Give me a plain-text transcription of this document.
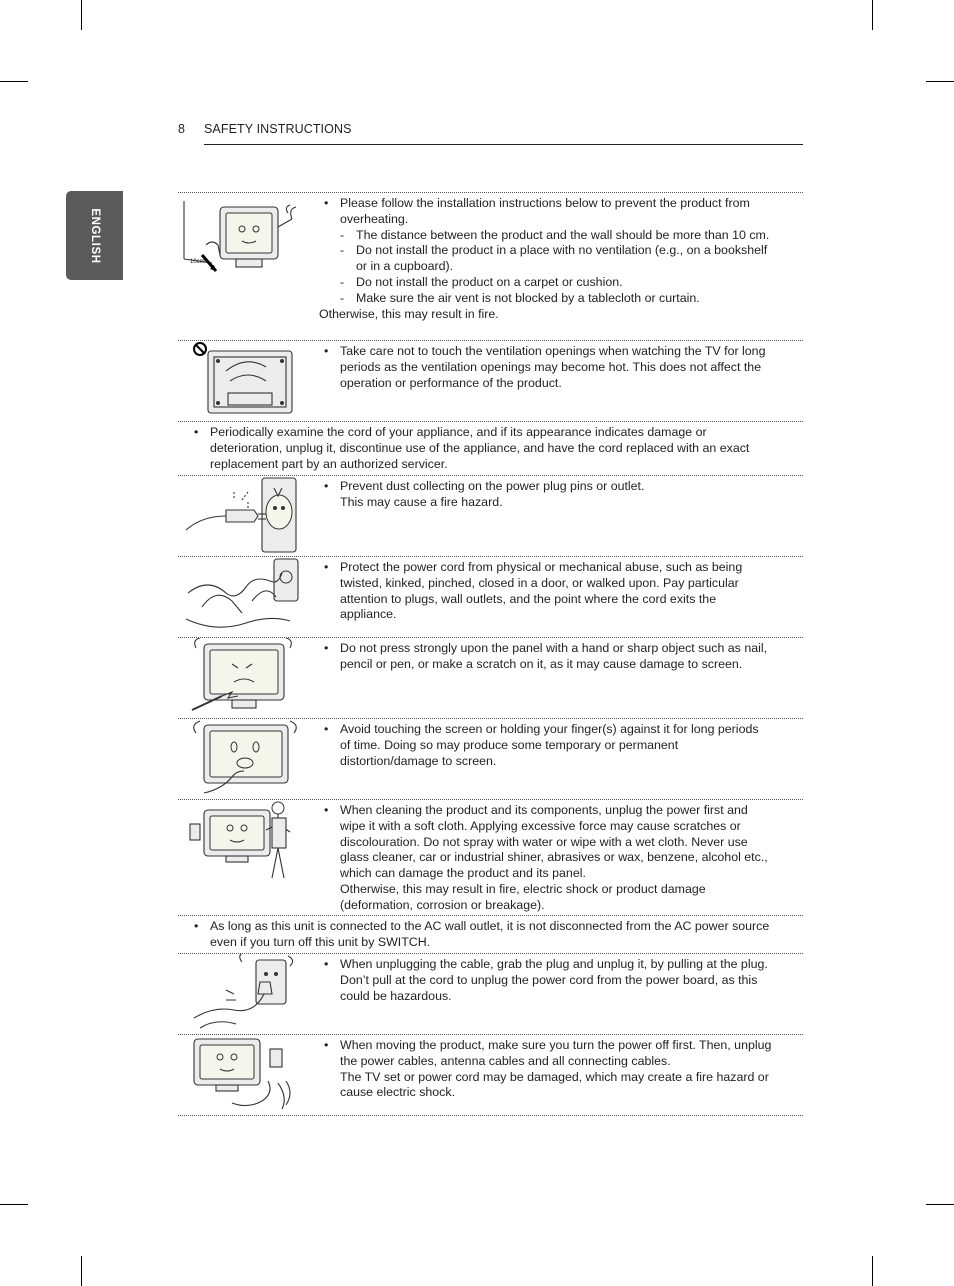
8 SAFETY INSTRUCTIONS
ENGLISH	10cm
• Please follow the installation instructions below to prevent the product from overheating.
- The distance between the product and the wall should be more than 10 cm.
- Do not install the product in a place with no ventilation (e.g., on a bookshelf or in a cupboard).
- Do not install the product on a carpet or cushion.
- Make sure the air vent is not blocked by a tablecloth or curtain.
Otherwise, this may result in fire.
• Take care not to touch the ventilation openings when watching the TV for long periods as the ventilation openings may become hot. This does not affect the operation or performance of the product.
• Periodically examine the cord of your appliance, and if its appearance indicates damage or deterioration, unplug it, discontinue use of the appliance, and have the cord replaced with an exact replacement part by an authorized servicer.
• Prevent dust collecting on the power plug pins or outlet.
This may cause a fire hazard.
• Protect the power cord from physical or mechanical abuse, such as being twisted, kinked, pinched, closed in a door, or walked upon. Pay particular attention to plugs, wall outlets, and the point where the cord exits the appliance.
• Do not press strongly upon the panel with a hand or sharp object such as nail, pencil or pen, or make a scratch on it, as it may cause damage to screen.
• Avoid touching the screen or holding your finger(s) against it for long periods of time. Doing so may produce some temporary or permanent distortion/damage to screen.
• When cleaning the product and its components, unplug the power first and wipe it with a soft cloth. Applying excessive force may cause scratches or discolouration. Do not spray with water or wipe with a wet cloth. Never use glass cleaner, car or industrial shiner, abrasives or wax, benzene, alcohol etc., which can damage the product and its panel.
Otherwise, this may result in fire, electric shock or product damage (deformation, corrosion or breakage).
• As long as this unit is connected to the AC wall outlet, it is not disconnected from the AC power source even if you turn off this unit by SWITCH.
• When unplugging the cable, grab the plug and unplug it, by pulling at the plug. Don’t pull at the cord to unplug the power cord from the power board, as this could be hazardous.
• When moving the product, make sure you turn the power off first. Then, unplug the power cables, antenna cables and all connecting cables.
The TV set or power cord may be damaged, which may create a fire hazard or cause electric shock.
